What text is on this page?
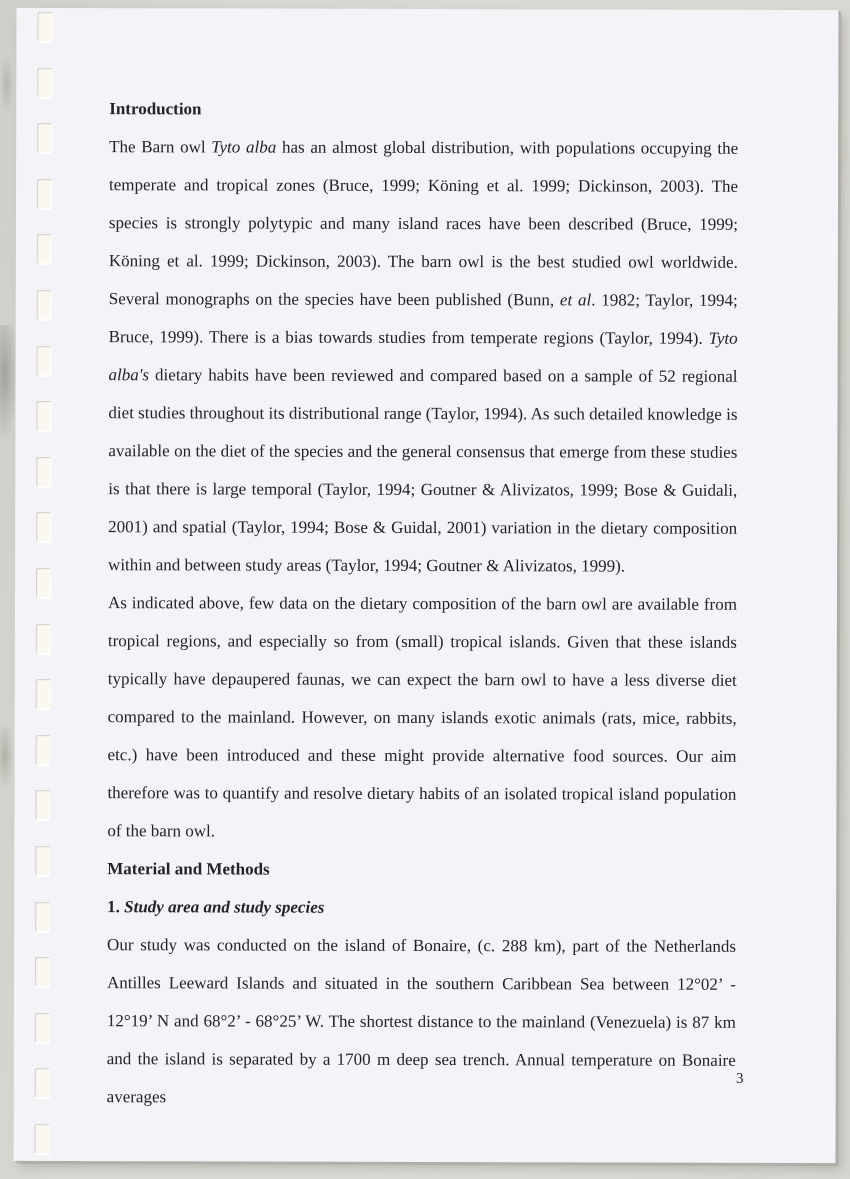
Introduction

The Barn owl Tyto alba has an almost global distribution, with populations occupying the temperate and tropical zones (Bruce, 1999; Köning et al. 1999; Dickinson, 2003). The species is strongly polytypic and many island races have been described (Bruce, 1999; Köning et al. 1999; Dickinson, 2003). The barn owl is the best studied owl worldwide. Several monographs on the species have been published (Bunn, et al. 1982; Taylor, 1994; Bruce, 1999). There is a bias towards studies from temperate regions (Taylor, 1994). Tyto alba's dietary habits have been reviewed and compared based on a sample of 52 regional diet studies throughout its distributional range (Taylor, 1994). As such detailed knowledge is available on the diet of the species and the general consensus that emerge from these studies is that there is large temporal (Taylor, 1994; Goutner & Alivizatos, 1999; Bose & Guidali, 2001) and spatial (Taylor, 1994; Bose & Guidal, 2001) variation in the dietary composition within and between study areas (Taylor, 1994; Goutner & Alivizatos, 1999).

As indicated above, few data on the dietary composition of the barn owl are available from tropical regions, and especially so from (small) tropical islands. Given that these islands typically have depaupered faunas, we can expect the barn owl to have a less diverse diet compared to the mainland. However, on many islands exotic animals (rats, mice, rabbits, etc.) have been introduced and these might provide alternative food sources. Our aim therefore was to quantify and resolve dietary habits of an isolated tropical island population of the barn owl.

Material and Methods

1. Study area and study species

Our study was conducted on the island of Bonaire, (c. 288 km), part of the Netherlands Antilles Leeward Islands and situated in the southern Caribbean Sea between 12°02’ - 12°19’ N and 68°2’ - 68°25’ W. The shortest distance to the mainland (Venezuela) is 87 km and the island is separated by a 1700 m deep sea trench. Annual temperature on Bonaire averages

3
